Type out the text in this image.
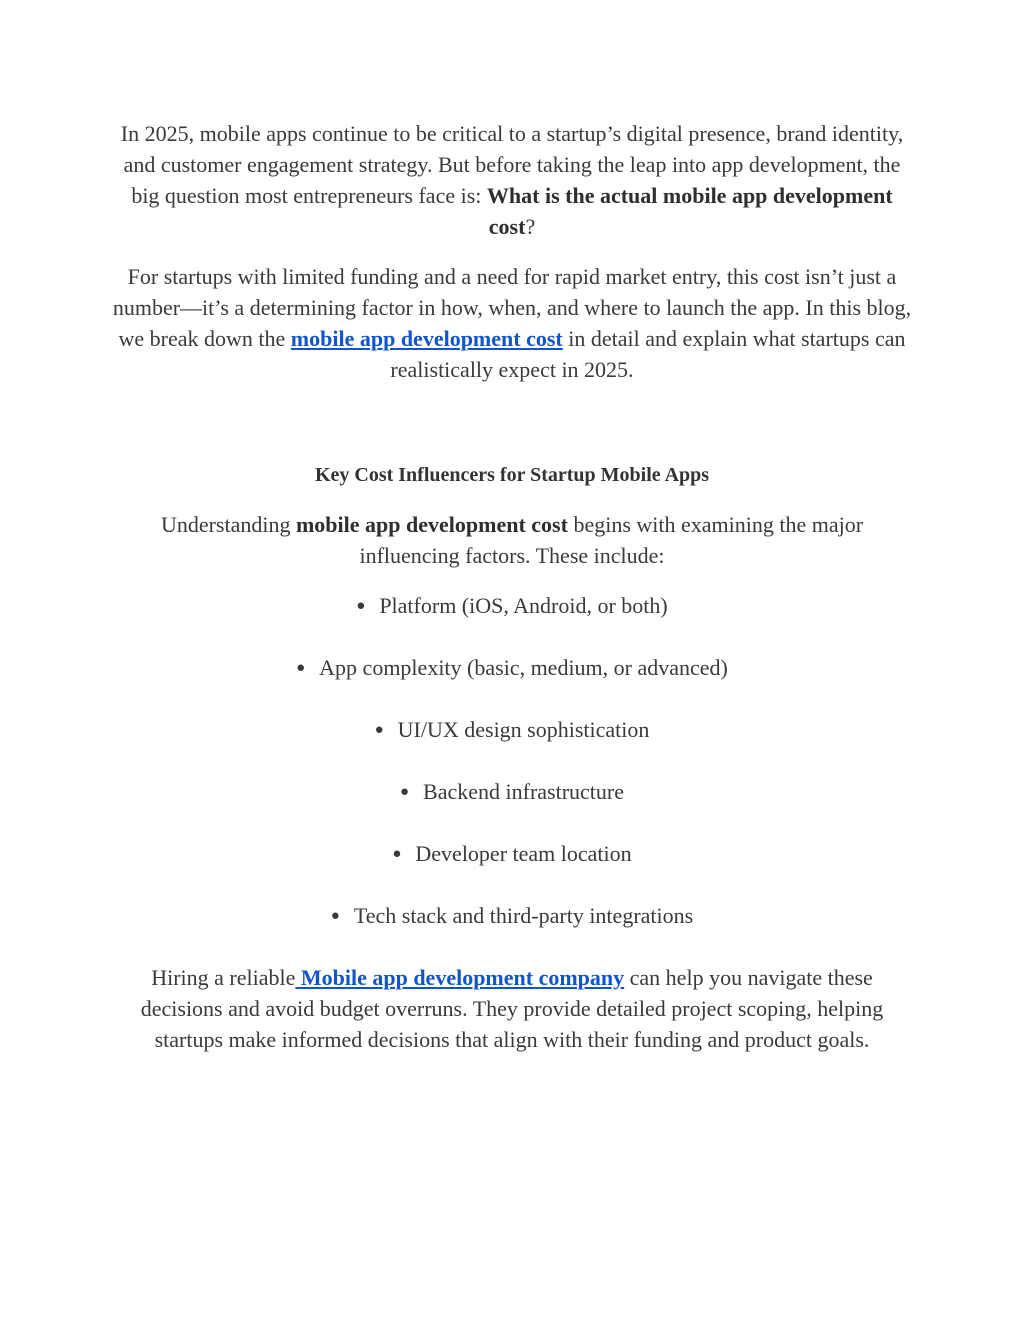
In 2025, mobile apps continue to be critical to a startup’s digital presence, brand identity, and customer engagement strategy. But before taking the leap into app development, the big question most entrepreneurs face is: What is the actual mobile app development cost?

For startups with limited funding and a need for rapid market entry, this cost isn’t just a number—it’s a determining factor in how, when, and where to launch the app. In this blog, we break down the mobile app development cost in detail and explain what startups can realistically expect in 2025.

Key Cost Influencers for Startup Mobile Apps

Understanding mobile app development cost begins with examining the major influencing factors. These include:

● Platform (iOS, Android, or both)
● App complexity (basic, medium, or advanced)
● UI/UX design sophistication
● Backend infrastructure
● Developer team location
● Tech stack and third-party integrations

Hiring a reliable Mobile app development company can help you navigate these decisions and avoid budget overruns. They provide detailed project scoping, helping startups make informed decisions that align with their funding and product goals.
